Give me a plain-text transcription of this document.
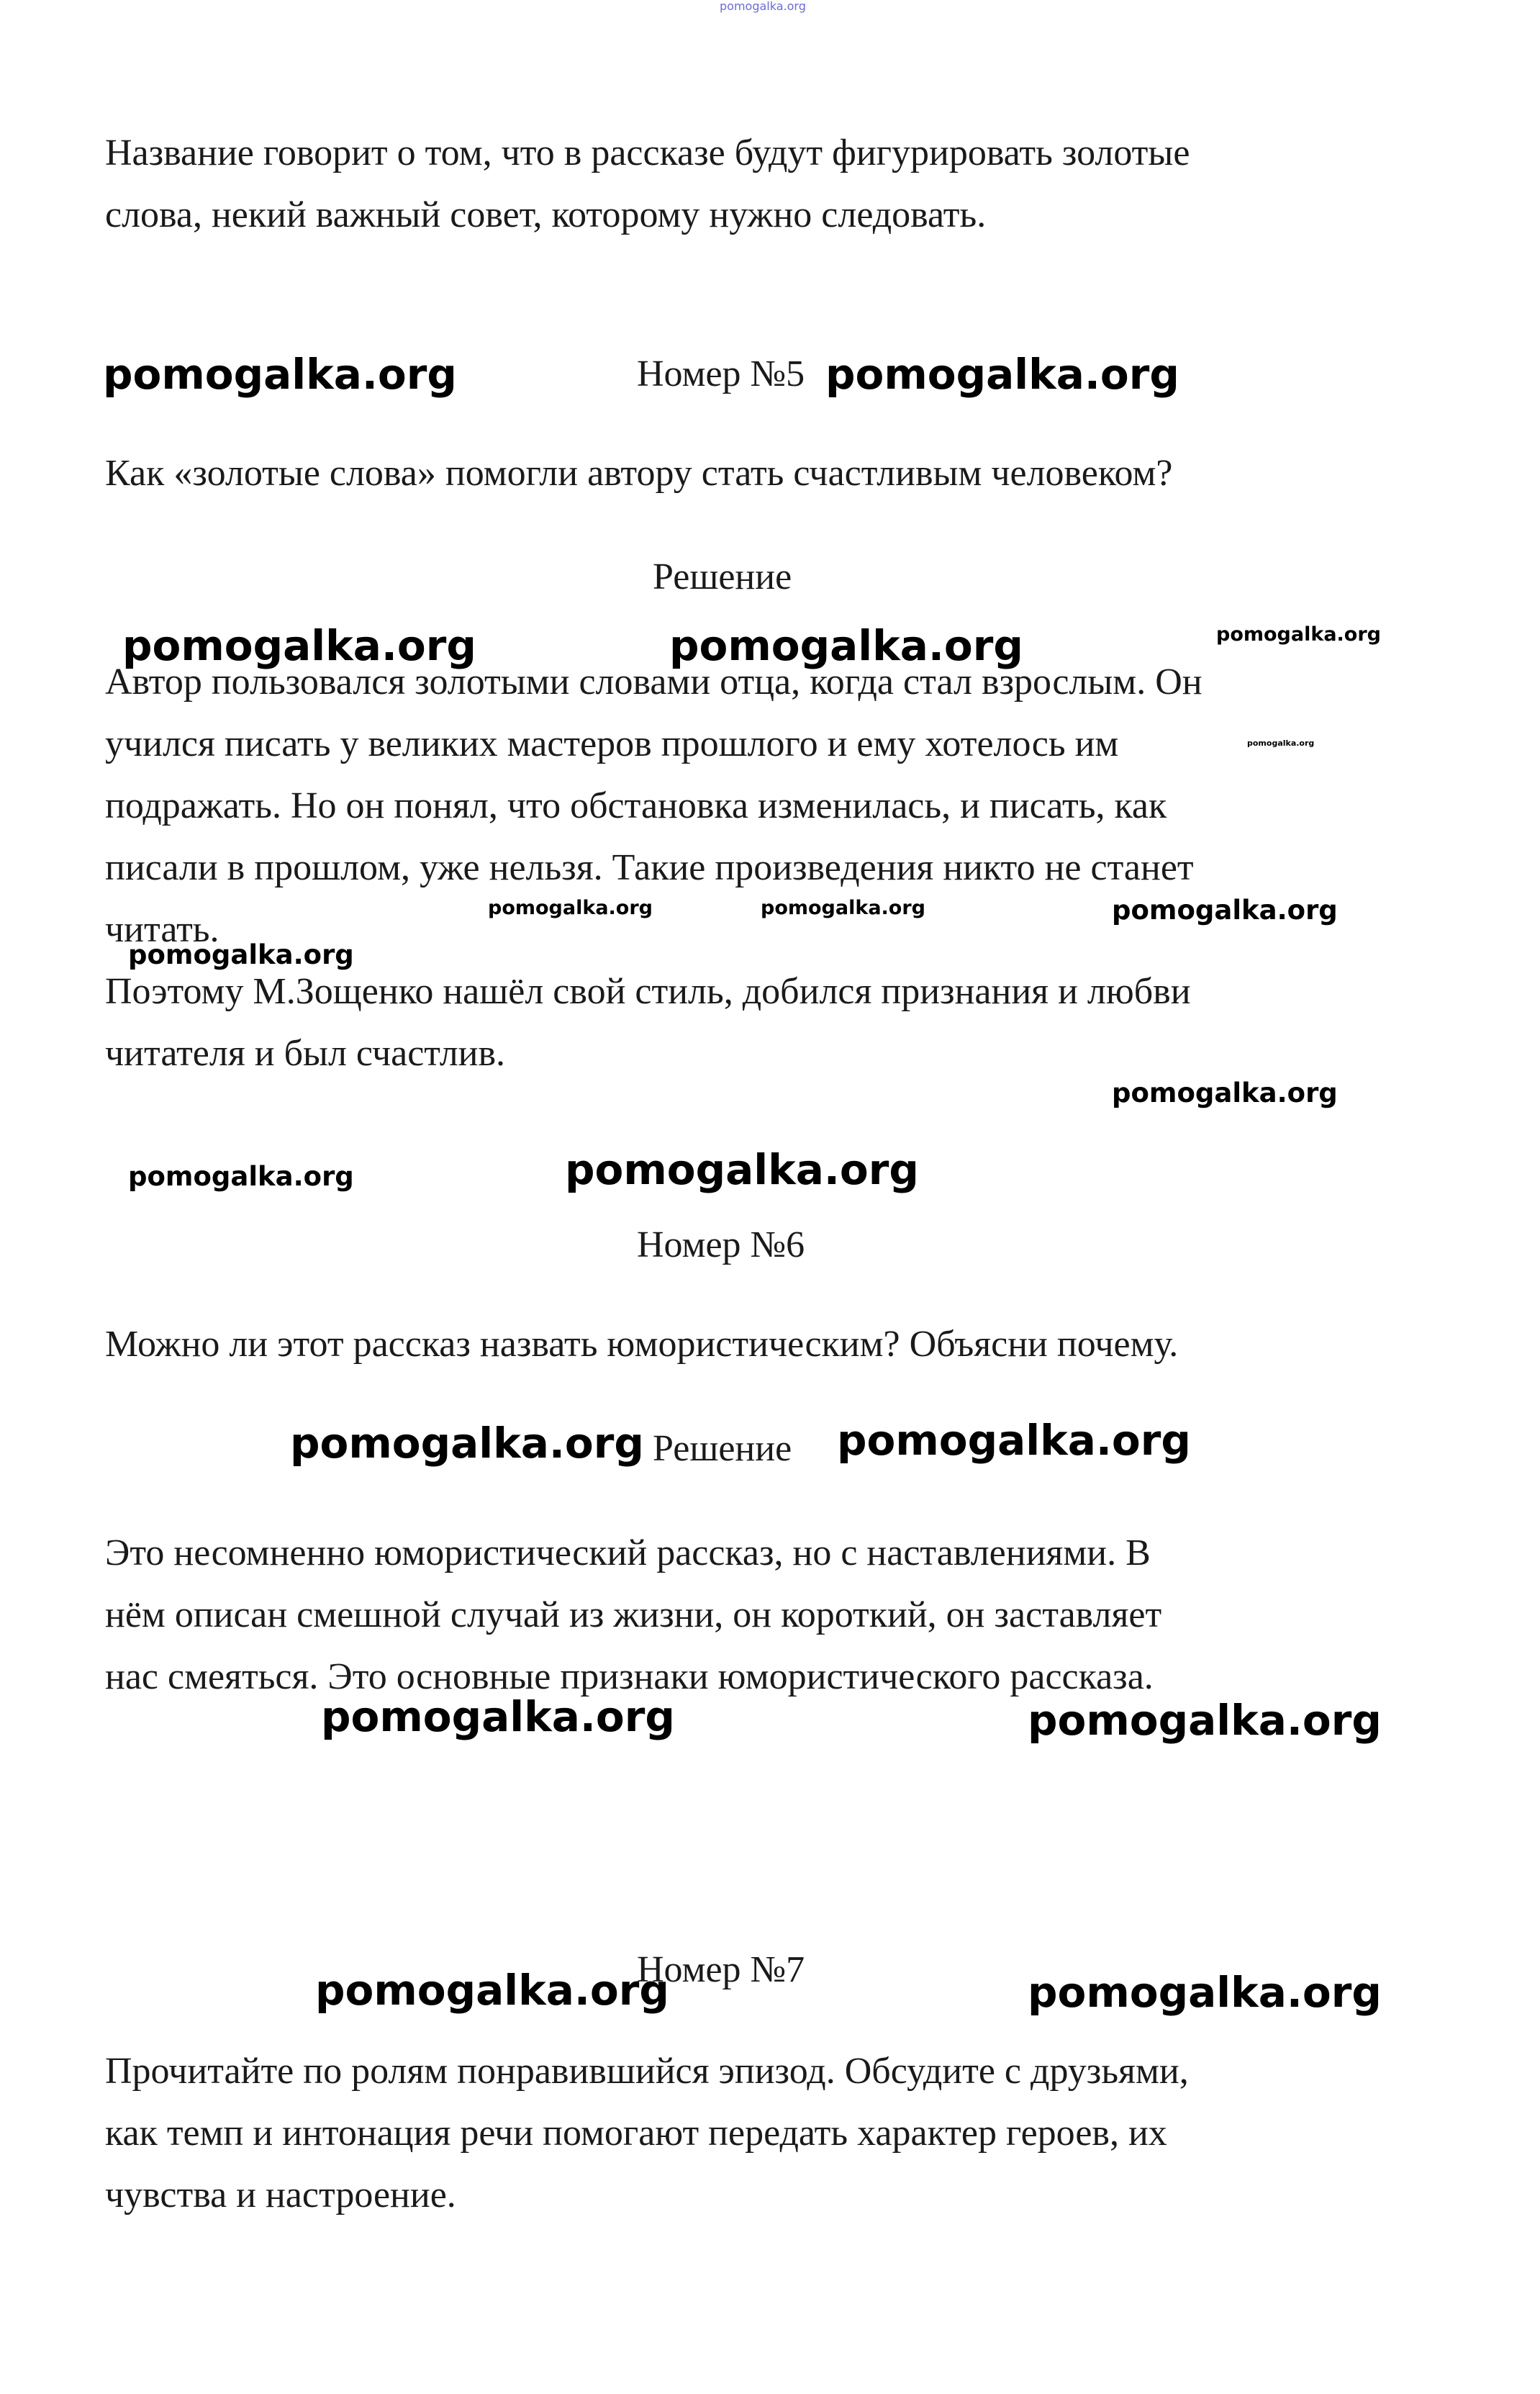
Название говорит о том, что в рассказе будут фигурировать золотые
слова, некий важный совет, которому нужно следовать.

Номер №5

Как «золотые слова» помогли автору стать счастливым человеком?

Решение

Автор пользовался золотыми словами отца, когда стал взрослым. Он
учился писать у великих мастеров прошлого и ему хотелось им
подражать. Но он понял, что обстановка изменилась, и писать, как
писали в прошлом, уже нельзя. Такие произведения никто не станет
читать.

Поэтому М.Зощенко нашёл свой стиль, добился признания и любви
читателя и был счастлив.

Номер №6

Можно ли этот рассказ назвать юмористическим? Объясни почему.

Решение

Это несомненно юмористический рассказ, но с наставлениями. В
нём описан смешной случай из жизни, он короткий, он заставляет
нас смеяться. Это основные признаки юмористического рассказа.

Номер №7

Прочитайте по ролям понравившийся эпизод. Обсудите с друзьями,
как темп и интонация речи помогают передать характер героев, их
чувства и настроение.

pomogalka.org
pomogalka.org	pomogalka.org
pomogalka.org	pomogalka.org	pomogalka.org
pomogalka.org
pomogalka.org	pomogalka.org	pomogalka.org
pomogalka.org
pomogalka.org
pomogalka.org	pomogalka.org
pomogalka.org	pomogalka.org
pomogalka.org	pomogalka.org
pomogalka.org	pomogalka.org
